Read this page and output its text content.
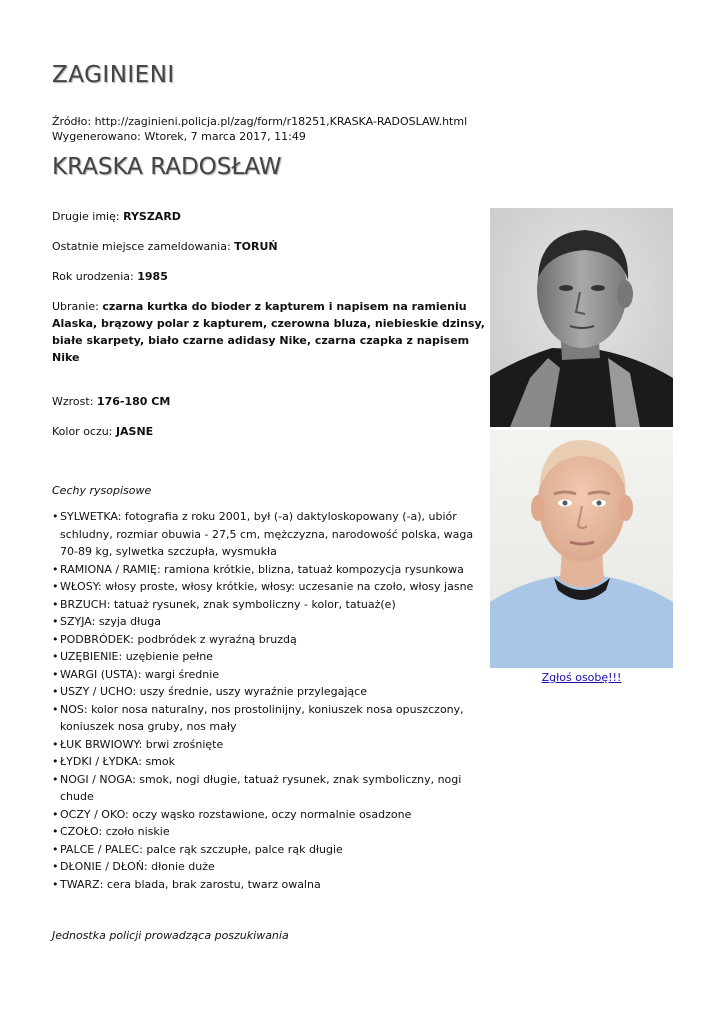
ZAGINIENI
Źródło: http://zaginieni.policja.pl/zag/form/r18251,KRASKA-RADOSLAW.html
Wygenerowano: Wtorek, 7 marca 2017, 11:49
KRASKA RADOSŁAW
Drugie imię: RYSZARD
Ostatnie miejsce zameldowania: TORUŃ
Rok urodzenia: 1985
Ubranie: czarna kurtka do bioder z kapturem i napisem na ramieniu Alaska, brązowy polar z kapturem, czerowna bluza, niebieskie dzinsy, białe skarpety, biało czarne adidasy Nike, czarna czapka z napisem Nike
Wzrost: 176-180 CM
Kolor oczu: JASNE
Cechy rysopisowe
• SYLWETKA: fotografia z roku 2001, był (-a) daktyloskopowany (-a), ubiór schludny, rozmiar obuwia - 27,5 cm, mężczyzna, narodowość polska, waga 70-89 kg, sylwetka szczupła, wysmukła
• RAMIONA / RAMIĘ: ramiona krótkie, blizna, tatuaż kompozycja rysunkowa
• WŁOSY: włosy proste, włosy krótkie, włosy: uczesanie na czoło, włosy jasne
• BRZUCH: tatuaż rysunek, znak symboliczny - kolor, tatuaż(e)
• SZYJA: szyja długa
• PODBRÓDEK: podbródek z wyraźną bruzdą
• UZĘBIENIE: uzębienie pełne
• WARGI (USTA): wargi średnie
• USZY / UCHO: uszy średnie, uszy wyraźnie przylegające
• NOS: kolor nosa naturalny, nos prostolinijny, koniuszek nosa opuszczony, koniuszek nosa gruby, nos mały
• ŁUK BRWIOWY: brwi zrośnięte
• ŁYDKI / ŁYDKA: smok
• NOGI / NOGA: smok, nogi długie, tatuaż rysunek, znak symboliczny, nogi chude
• OCZY / OKO: oczy wąsko rozstawione, oczy normalnie osadzone
• CZOŁO: czoło niskie
• PALCE / PALEC: palce rąk szczupłe, palce rąk długie
• DŁONIE / DŁOŃ: dłonie duże
• TWARZ: cera blada, brak zarostu, twarz owalna
Jednostka policji prowadząca poszukiwania
Zgłoś osobę!!!
